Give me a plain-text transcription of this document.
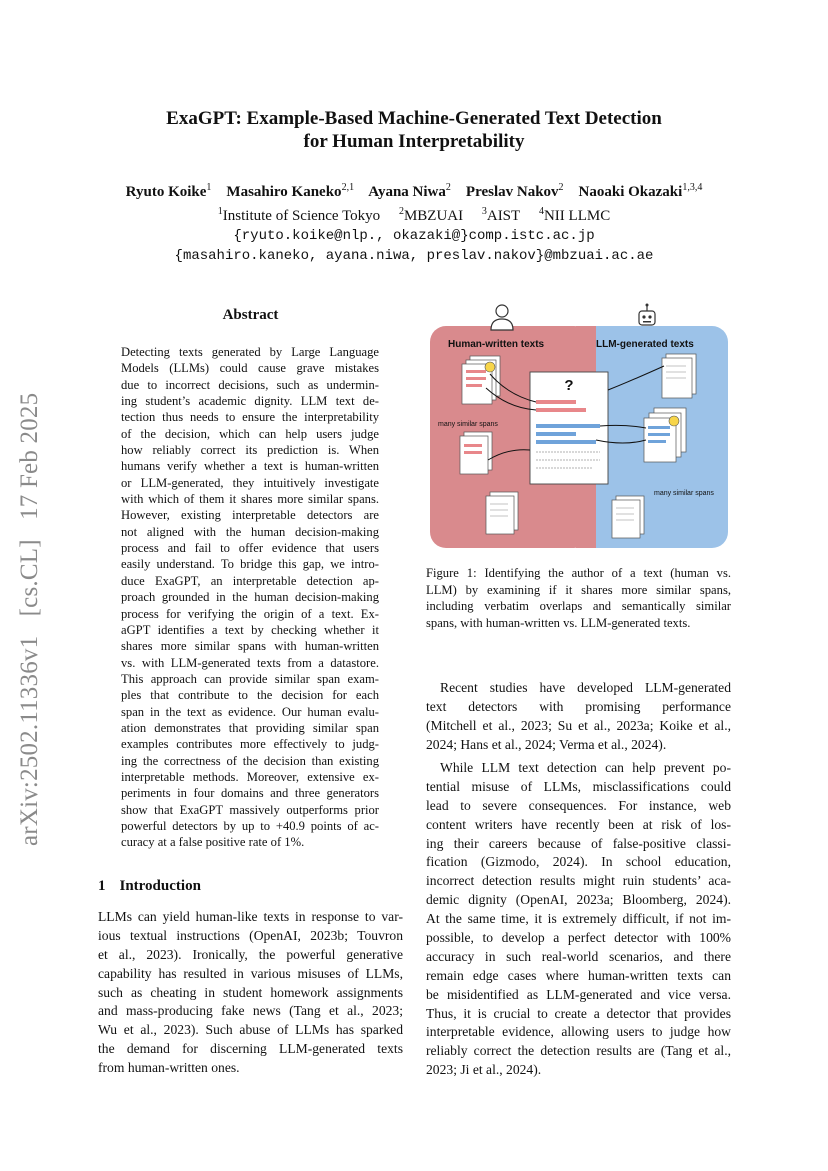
arXiv:2502.11336v1   [cs.CL]   17 Feb 2025
ExaGPT: Example-Based Machine-Generated Text Detection
for Human Interpretability
Ryuto Koike$^1$ Masahiro Kaneko$^{2,1}$ Ayana Niwa$^2$ Preslav Nakov$^2$ Naoaki Okazaki$^{1,3,4}$
$^1$Institute of Science Tokyo $^2$MBZUAI $^3$AIST $^4$NII LLMC
{ryuto.koike@nlp., okazaki@}comp.istc.ac.jp
{masahiro.kaneko, ayana.niwa, preslav.nakov}@mbzuai.ac.ae
Abstract
Detecting texts generated by Large Language
Models (LLMs) could cause grave mistakes
due to incorrect decisions, such as undermin-
ing student’s academic dignity. LLM text de-
tection thus needs to ensure the interpretability
of the decision, which can help users judge
how reliably correct its prediction is. When
humans verify whether a text is human-written
or LLM-generated, they intuitively investigate
with which of them it shares more similar spans.
However, existing interpretable detectors are
not aligned with the human decision-making
process and fail to offer evidence that users
easily understand. To bridge this gap, we intro-
duce ExaGPT, an interpretable detection ap-
proach grounded in the human decision-making
process for verifying the origin of a text. Ex-
aGPT identifies a text by checking whether it
shares more similar spans with human-written
vs. with LLM-generated texts from a datastore.
This approach can provide similar span exam-
ples that contribute to the decision for each
span in the text as evidence. Our human evalu-
ation demonstrates that providing similar span
examples contributes more effectively to judg-
ing the correctness of the decision than existing
interpretable methods. Moreover, extensive ex-
periments in four domains and three generators
show that ExaGPT massively outperforms prior
powerful detectors by up to +40.9 points of ac-
curacy at a false positive rate of 1%.
1 Introduction
LLMs can yield human-like texts in response to var-
ious textual instructions (OpenAI, 2023b; Touvron
et al., 2023). Ironically, the powerful generative
capability has resulted in various misuses of LLMs,
such as cheating in student homework assignments
and mass-producing fake news (Tang et al., 2023;
Wu et al., 2023). Such abuse of LLMs has sparked
the demand for discerning LLM-generated texts
from human-written ones.
Recent studies have developed LLM-generated
text detectors with promising performance
(Mitchell et al., 2023; Su et al., 2023a; Koike et al.,
2024; Hans et al., 2024; Verma et al., 2024).
While LLM text detection can help prevent po-
tential misuse of LLMs, misclassifications could
lead to severe consequences. For instance, web
content writers have recently been at risk of los-
ing their careers because of false-positive classi-
fication (Gizmodo, 2024). In school education,
incorrect detection results might ruin students’ aca-
demic dignity (OpenAI, 2023a; Bloomberg, 2024).
At the same time, it is extremely difficult, if not im-
possible, to develop a perfect detector with 100%
accuracy in such real-world scenarios, and there
remain edge cases where human-written texts can
be misidentified as LLM-generated and vice versa.
Thus, it is crucial to create a detector that provides
interpretable evidence, allowing users to judge how
reliably correct the detection results are (Tang et al.,
2023; Ji et al., 2024).
Human-written texts	LLM-generated texts
many similar spans
?
many similar spans
Figure 1: Identifying the author of a text (human vs.
LLM) by examining if it shares more similar spans,
including verbatim overlaps and semantically similar
spans, with human-written vs. LLM-generated texts.
